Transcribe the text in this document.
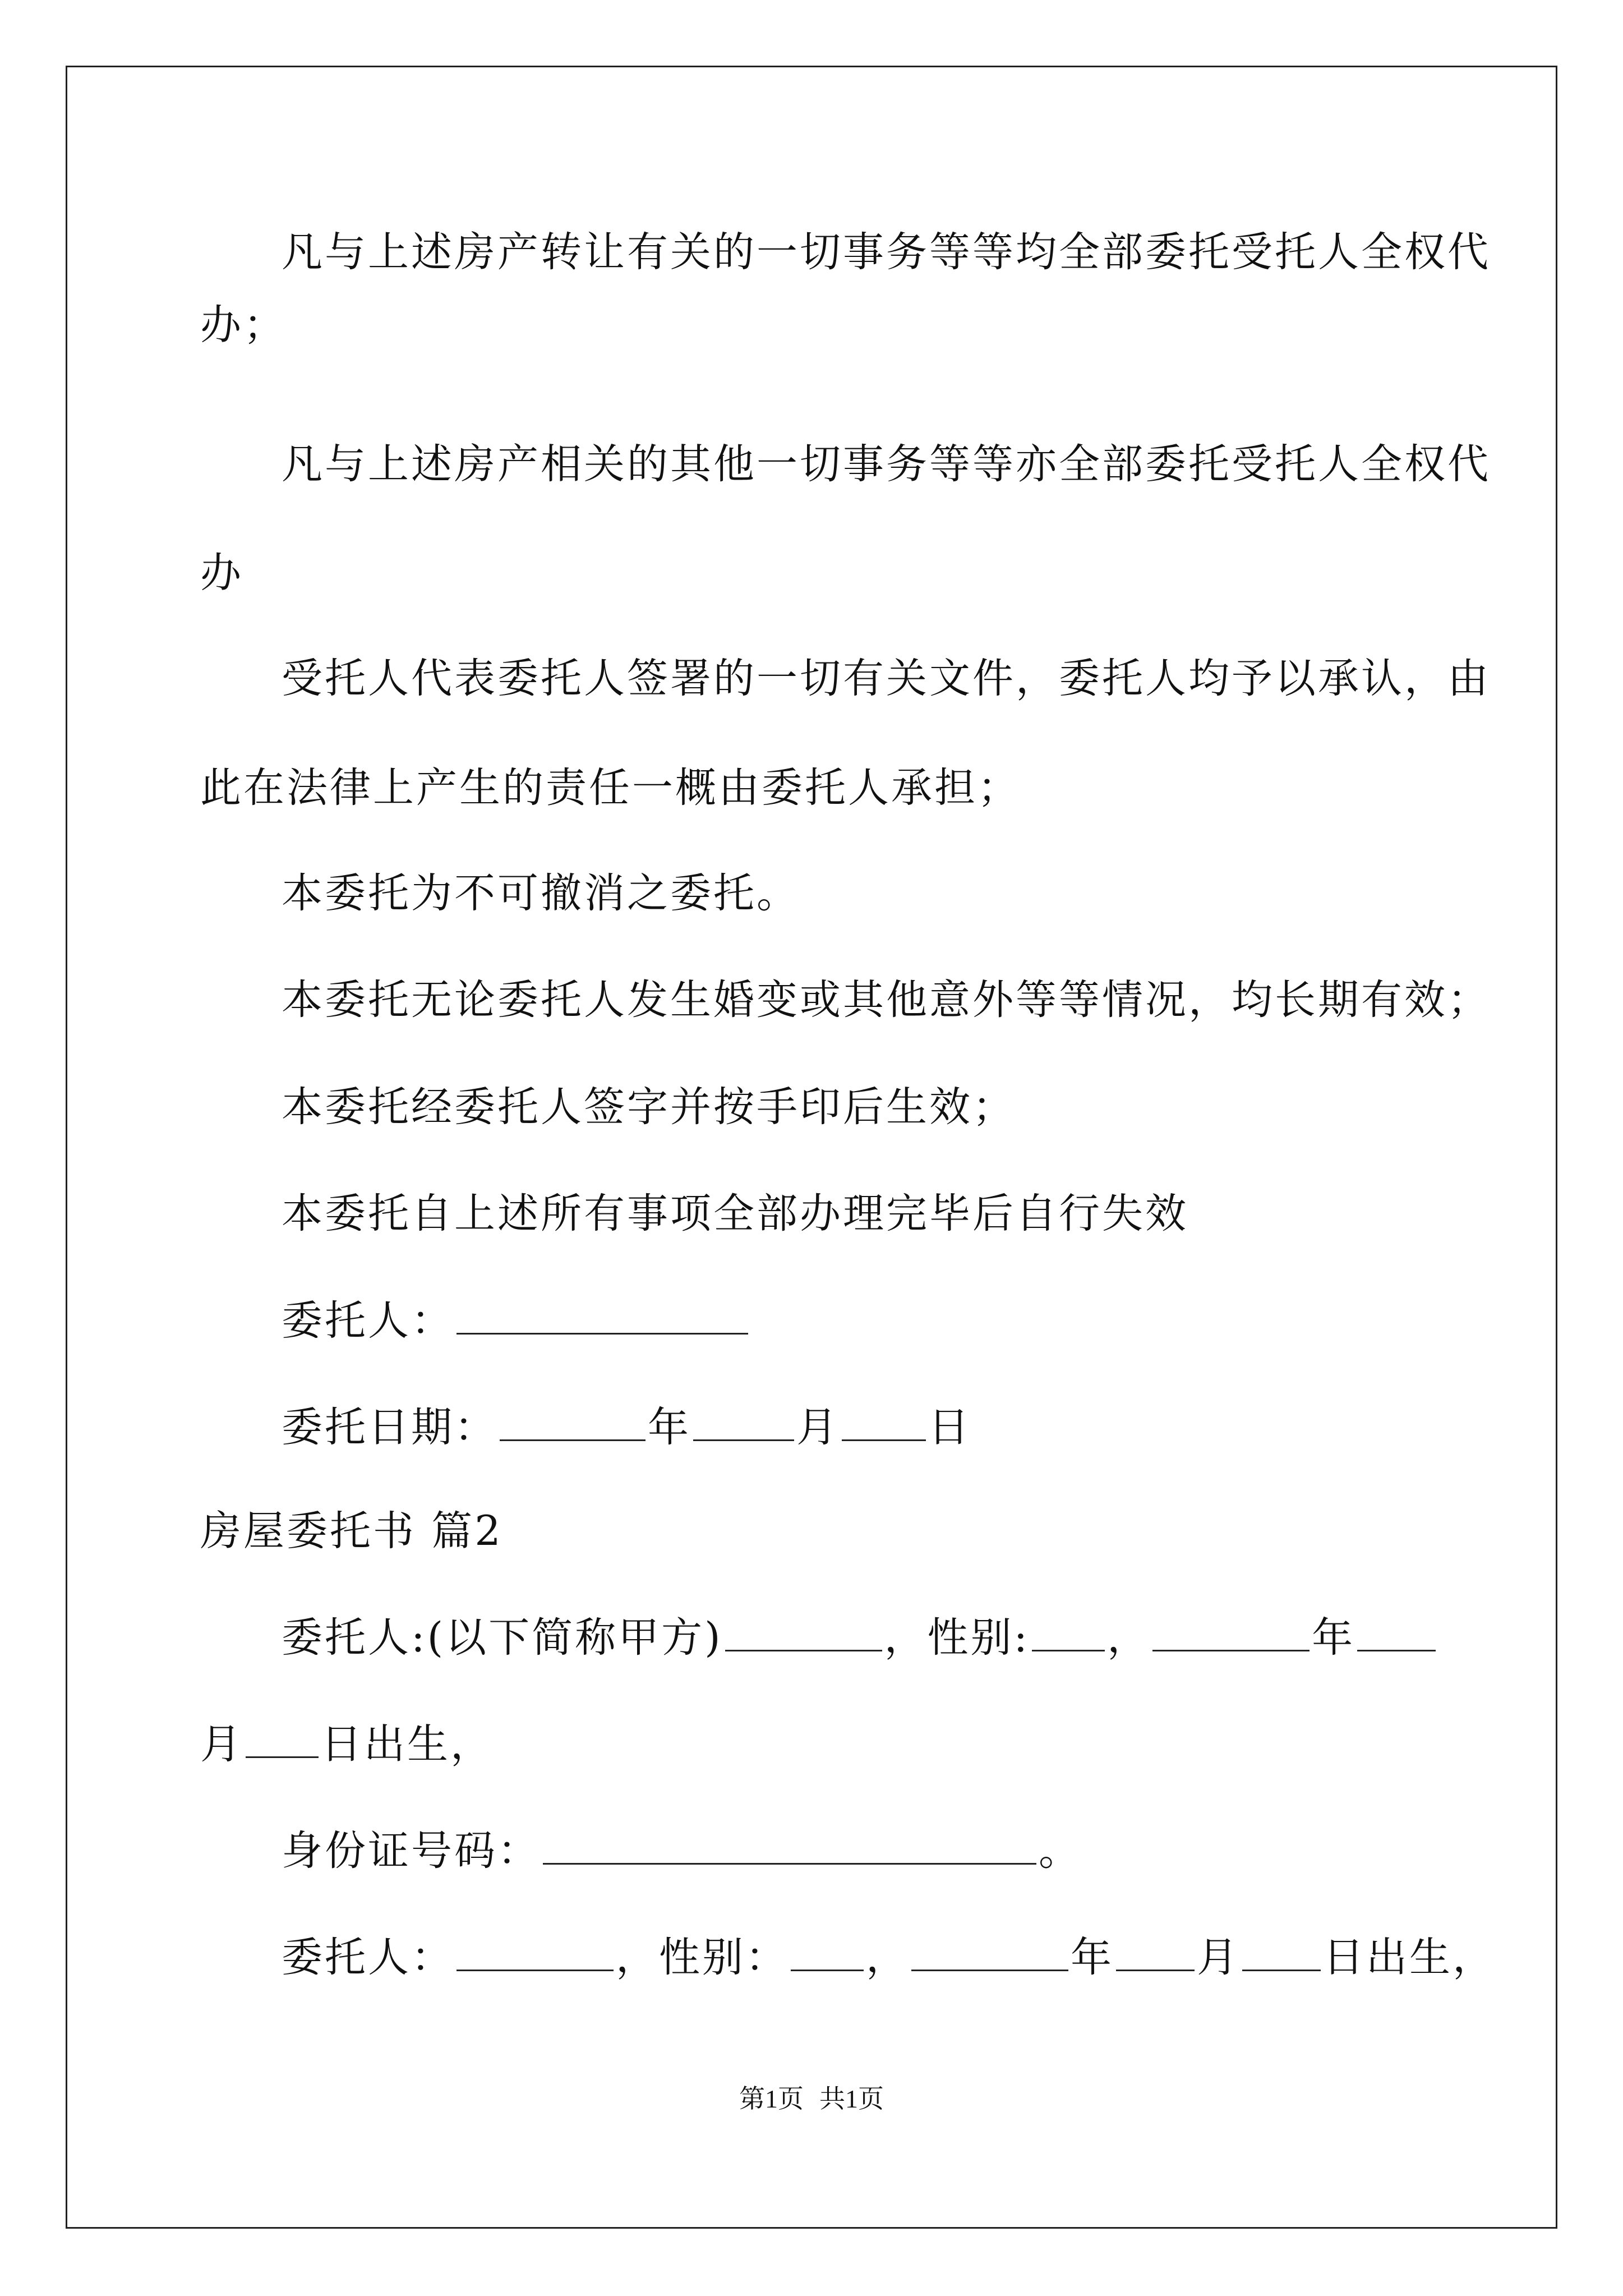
凡与上述房产转让有关的一切事务等等均全部委托受托人全权代
办；
凡与上述房产相关的其他一切事务等等亦全部委托受托人全权代
办
受托人代表委托人签署的一切有关文件，委托人均予以承认，由
此在法律上产生的责任一概由委托人承担；
本委托为不可撤消之委托。
本委托无论委托人发生婚变或其他意外等等情况，均长期有效；
本委托经委托人签字并按手印后生效；
本委托自上述所有事项全部办理完毕后自行失效
委托人：
委托日期：	年	月 日
房屋委托书 篇2
委托人:(以下简称甲方)	，性别: ，	年
月 日出生，
身份证号码：	。
委托人：	，性别： ，	年 月 日出生，
第1页 共1页
